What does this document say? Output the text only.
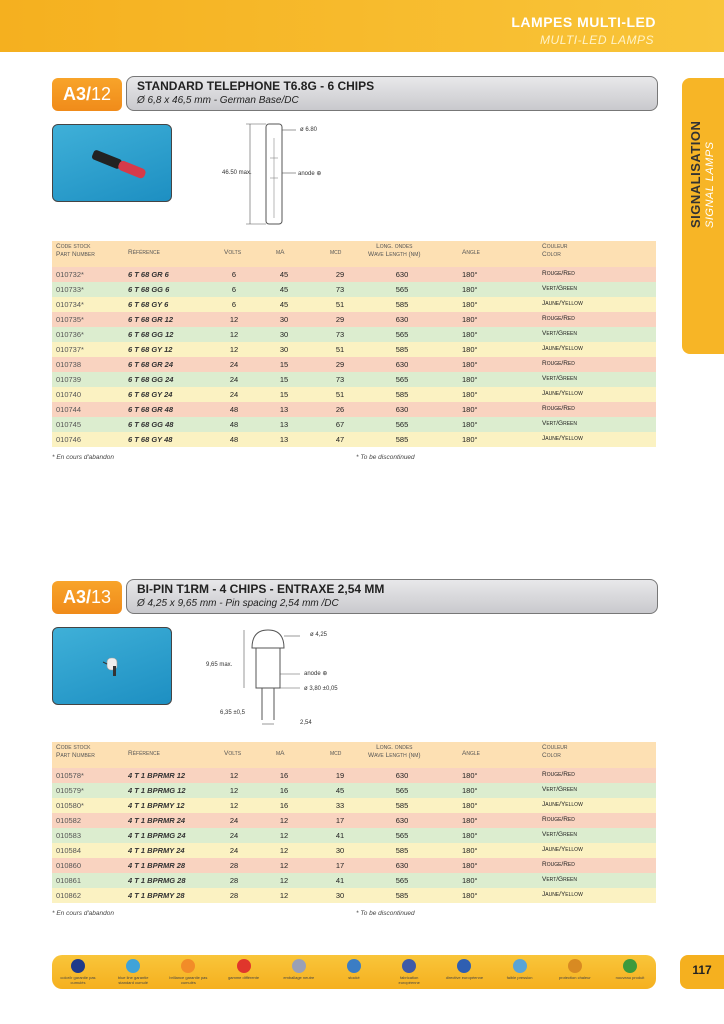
LAMPES MULTI-LED
MULTI-LED LAMPS
SIGNALISATION SIGNAL LAMPS
A3/12	STANDARD TELEPHONE T6.8G - 6 CHIPS
Ø 6,8 x 46,5 mm - German Base/DC
ø 6.80
46.50 max.	anode ⊕
Code stock
Part Number	Référence	Volts	mA	mcd
Long. ondes
Wave Length (nm)	Angle
Couleur
Color
010732*	6 T 68 GR 6	6	45	29	630	180°	Rouge/Red
010733*	6 T 68 GG 6	6	45	73	565	180°	Vert/Green
010734*	6 T 68 GY 6	6	45	51	585	180°	Jaune/Yellow
010735*	6 T 68 GR 12	12	30	29	630	180°	Rouge/Red
010736*	6 T 68 GG 12	12	30	73	565	180°	Vert/Green
010737*	6 T 68 GY 12	12	30	51	585	180°	Jaune/Yellow
010738	6 T 68 GR 24	24	15	29	630	180°	Rouge/Red
010739	6 T 68 GG 24	24	15	73	565	180°	Vert/Green
010740	6 T 68 GY 24	24	15	51	585	180°	Jaune/Yellow
010744	6 T 68 GR 48	48	13	26	630	180°	Rouge/Red
010745	6 T 68 GG 48	48	13	67	565	180°	Vert/Green
010746	6 T 68 GY 48	48	13	47	585	180°	Jaune/Yellow
* En cours d'abandon	* To be discontinued
A3/13	BI-PIN T1RM - 4 CHIPS - ENTRAXE 2,54 MM
Ø 4,25 x 9,65 mm - Pin spacing 2,54 mm /DC
ø 4,25
9,65 max.
anode ⊕
ø 3,80 ±0,05
6,35 ±0,5
2,54
Code stock
Part Number	Référence	Volts	mA	mcd
Long. ondes
Wave Length (nm)	Angle
Couleur
Color
010578*	4 T 1 BPRMR 12	12	16	19	630	180°	Rouge/Red
010579*	4 T 1 BPRMG 12	12	16	45	565	180°	Vert/Green
010580*	4 T 1 BPRMY 12	12	16	33	585	180°	Jaune/Yellow
010582	4 T 1 BPRMR 24	24	12	17	630	180°	Rouge/Red
010583	4 T 1 BPRMG 24	24	12	41	565	180°	Vert/Green
010584	4 T 1 BPRMY 24	24	12	30	585	180°	Jaune/Yellow
010860	4 T 1 BPRMR 28	28	12	17	630	180°	Rouge/Red
010861	4 T 1 BPRMG 28	28	12	41	565	180°	Vert/Green
010862	4 T 1 BPRMY 28	28	12	30	585	180°	Jaune/Yellow
* En cours d'abandon	* To be discontinued
color/ir garantie pas cumulés
blue line garantie standard cumulé
brillance garantie pas cumulés
gamme différente	emballage neutre	stocké	fabrication européenne
directive européenne	faible pression	protection chaleur	nouveau produit
117
